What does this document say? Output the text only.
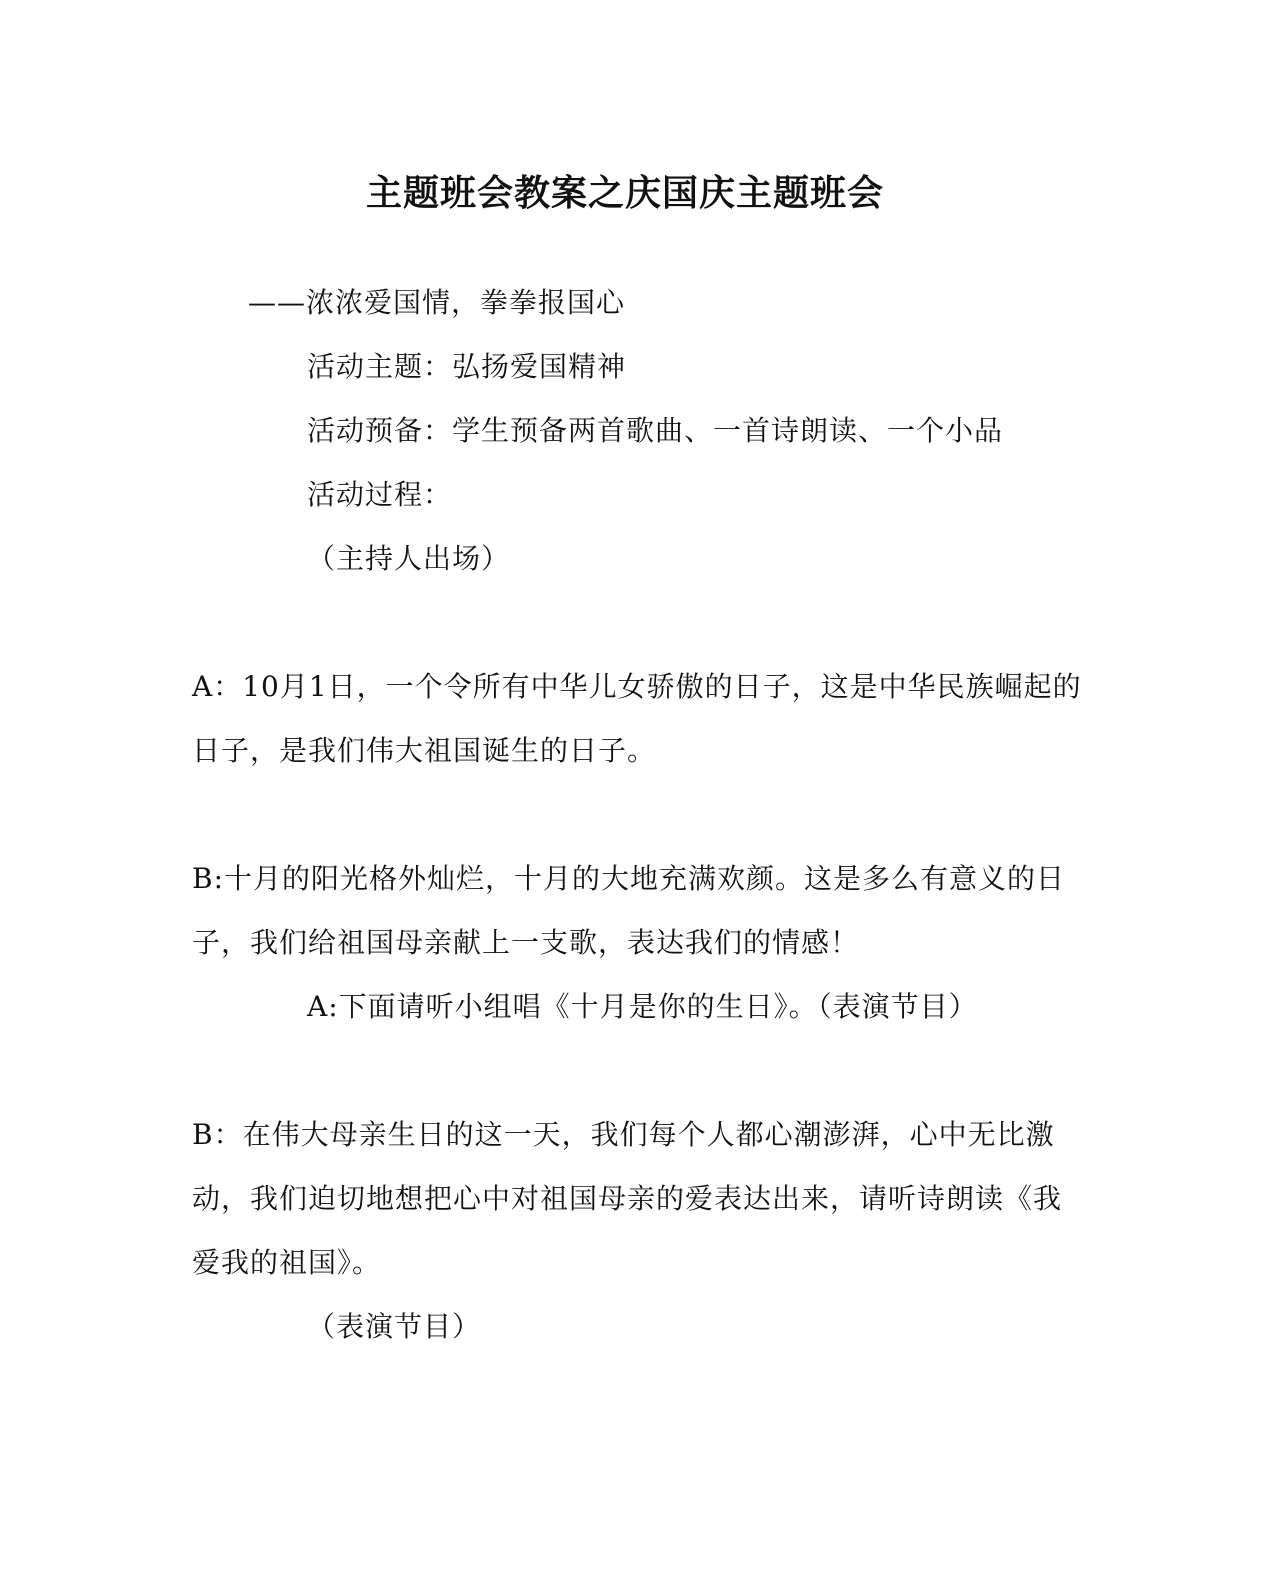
主题班会教案之庆国庆主题班会
——浓浓爱国情，拳拳报国心
活动主题：弘扬爱国精神
活动预备：学生预备两首歌曲、一首诗朗读、一个小品
活动过程：
（主持人出场）
A：10月1日，一个令所有中华儿女骄傲的日子，这是中华民族崛起的
日子，是我们伟大祖国诞生的日子。
B:十月的阳光格外灿烂，十月的大地充满欢颜。这是多么有意义的日
子，我们给祖国母亲献上一支歌，表达我们的情感！
A:下面请听小组唱《十月是你的生日》。（表演节目）
B：在伟大母亲生日的这一天，我们每个人都心潮澎湃，心中无比激
动，我们迫切地想把心中对祖国母亲的爱表达出来，请听诗朗读《我
爱我的祖国》。
（表演节目）
